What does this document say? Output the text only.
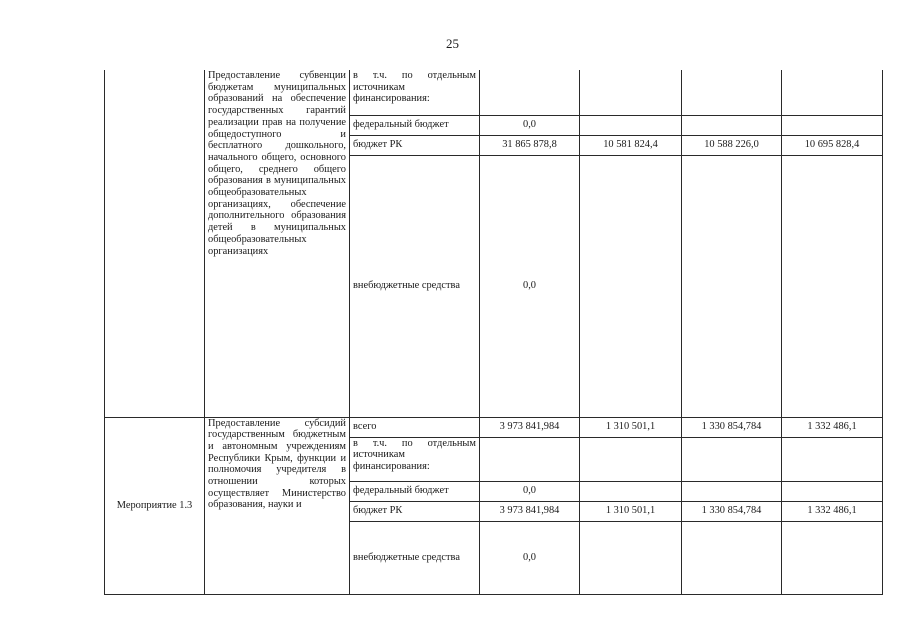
25
	Предоставление субвенции бюджетам муниципальных образований на обеспечение государственных гарантий реализации прав на получение общедоступного и бесплатного дошкольного, начального общего, основного общего, среднего общего образования в муниципальных общеобразовательных организациях, обеспечение дополнительного образования детей в муниципальных общеобразовательных организациях	в т.ч. по отдельным источникам финансирования:				
		федеральный бюджет	0,0			
		бюджет РК	31 865 878,8	10 581 824,4	10 588 226,0	10 695 828,4
		внебюджетные средства	0,0			
Мероприятие 1.3	Предоставление субсидий государственным бюджетным и автономным учреждениям Республики Крым, функции и полномочия учредителя в отношении которых осуществляет Министерство образования, науки и	всего	3 973 841,984	1 310 501,1	1 330 854,784	1 332 486,1
		в т.ч. по отдельным источникам финансирования:				
		федеральный бюджет	0,0			
		бюджет РК	3 973 841,984	1 310 501,1	1 330 854,784	1 332 486,1
		внебюджетные средства	0,0			
